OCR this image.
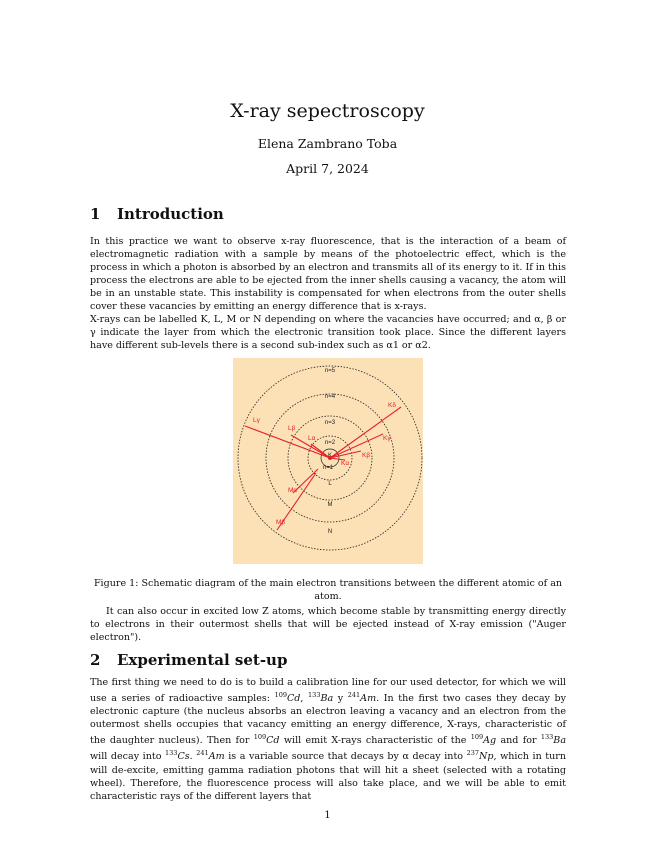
X-ray sepectroscopy
Elena Zambrano Toba
April 7, 2024
1 Introduction

In this practice we want to observe x-ray fluorescence, that is the interaction of a beam of electromagnetic radiation with a sample by means of the photoelectric effect, which is the process in which a photon is absorbed by an electron and transmits all of its energy to it. If in this process the electrons are able to be ejected from the inner shells causing a vacancy, the atom will be in an unstable state. This instability is compensated for when electrons from the outer shells cover these vacancies by emitting an energy difference that is x-rays.

X-rays can be labelled K, L, M or N depending on where the vacancies have occurred; and α, β or γ indicate the layer from which the electronic transition took place. Since the different layers have different sub-levels there is a second sub-index such as α1 or α2.

n=5
n=4
n=3
n=2
n=1
K
L
M
N
Lγ
Lβ
Lα
Kδ
Kγ
Kβ
Kα
Mα
Mβ
Figure 1: Schematic diagram of the main electron transitions between the different atomic of an atom.
It can also occur in excited low Z atoms, which become stable by transmitting energy directly to electrons in their outermost shells that will be ejected instead of X-ray emission ("Auger electron").
2 Experimental set-up
The first thing we need to do is to build a calibration line for our used detector, for which we will use a series of radioactive samples: $^{109}$Cd, $^{133}$Ba y $^{241}$Am. In the first two cases they decay by electronic capture (the nucleus absorbs an electron leaving a vacancy and an electron from the outermost shells occupies that vacancy emitting an energy difference, X-rays, characteristic of the daughter nucleus). Then for $^{109}$Cd will emit X-rays characteristic of the $^{109}$Ag and for $^{133}$Ba will decay into $^{133}$Cs. $^{241}$Am is a variable source that decays by α decay into $^{237}$Np, which in turn will de-excite, emitting gamma radiation photons that will hit a sheet (selected with a rotating wheel). Therefore, the fluorescence process will also take place, and we will be able to emit characteristic rays of the different layers that
1
